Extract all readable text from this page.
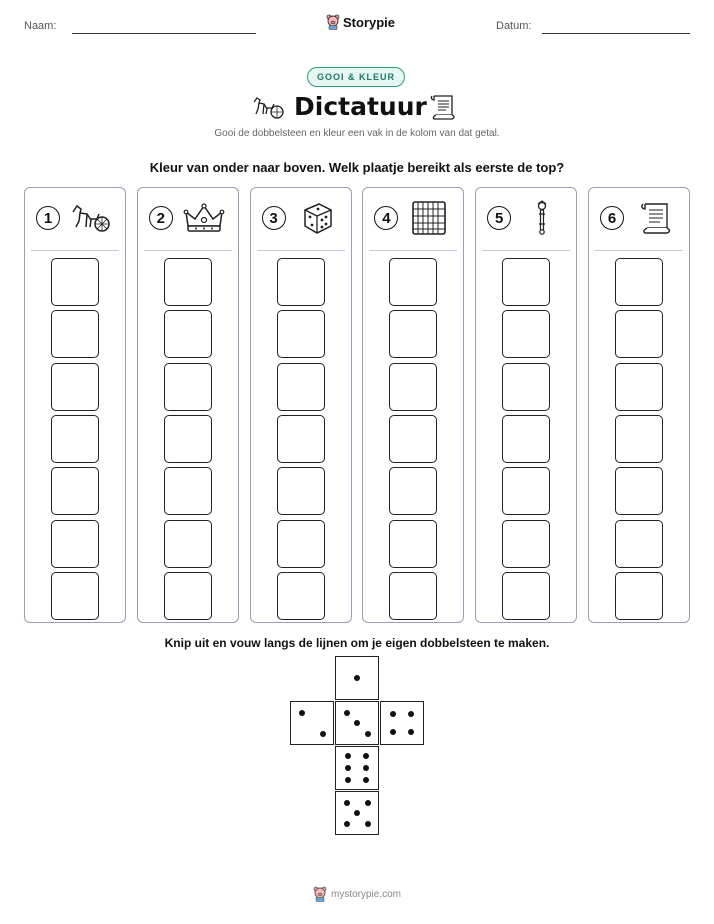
Naam:	Storypie	Datum:
GOOI & KLEUR
Dictatuur
Gooi de dobbelsteen en kleur een vak in de kolom van dat getal.
Kleur van onder naar boven. Welk plaatje bereikt als eerste de top?
1	2	3	4	5	6
Knip uit en vouw langs de lijnen om je eigen dobbelsteen te maken.
mystorypie.com
